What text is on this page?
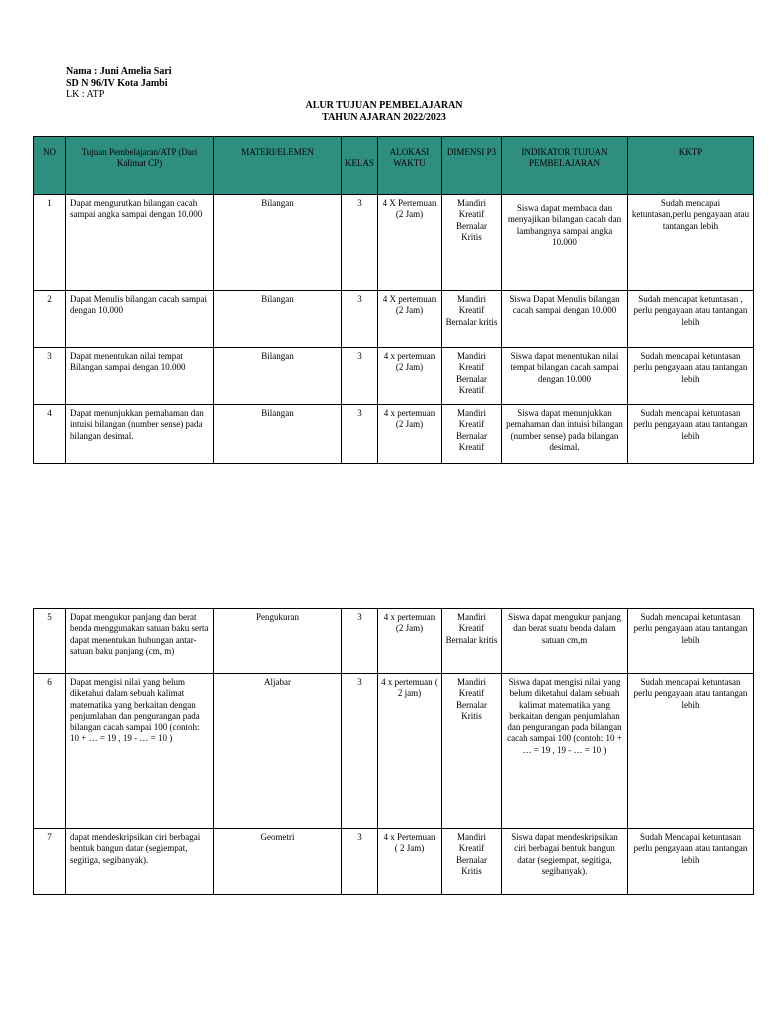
Nama : Juni Amelia Sari
SD N 96/IV Kota Jambi
LK : ATP
ALUR TUJUAN PEMBELAJARAN
TAHUN AJARAN 2022/2023
NO	Tujuan Pembelajaran/ATP (Dari Kalimat CP)	MATERI/ELEMEN	KELAS	ALOKASI WAKTU	DIMENSI P3	INDIKATOR TUJUAN PEMBELAJARAN	KKTP
1	Dapat mengurutkan bilangan cacah sampai angka sampai dengan 10.000	Bilangan	3	4 X Pertemuan (2 Jam)	Mandiri Kreatif Bernalar Kritis	Siswa dapat membaca dan menyajikan bilangan cacah dan lambangnya sampai angka 10.000	Sudah mencapai ketuntasan,perlu pengayaan atau tantangan lebih
2	Dapat Menulis bilangan cacah sampai dengan 10.000	Bilangan	3	4 X pertemuan (2 Jam)	Mandiri Kreatif Bernalar kritis	Siswa Dapat Menulis bilangan cacah sampai dengan 10.000	Sudah mencapat ketuntasan , perlu pengayaan atau tantangan lebih
3	Dapat menentukan nilai tempat Bilangan sampai dengan 10.000	Bilangan	3	4 x pertemuan (2 Jam)	Mandiri Kreatif Bernalar Kreatif	Siswa dapat menentukan nilai tempat bilangan cacah sampai dengan 10.000	Sudah mencapai ketuntasan perlu pengayaan atau tantangan lebih
4	Dapat menunjukkan pemahaman dan intuisi bilangan (number sense) pada bilangan desimal.	Bilangan	3	4 x pertemuan (2 Jam)	Mandiri Kreatif Bernalar Kreatif	Siswa dapat menunjukkan pemahaman dan intuisi bilangan (number sense) pada bilangan desimal.	Sudah mencapai ketuntasan perlu pengayaan atau tantangan lebih
5	Dapat mengukur panjang dan berat benda menggunakan satuan baku serta dapat menentukan hubungan antar-satuan baku panjang (cm, m)	Pengukuran	3	4 x pertemuan (2 Jam)	Mandiri Kreatif Bernalar kritis	Siswa dapat mengukur panjang dan berat suatu benda dalam satuan cm,m	Sudah mencapai ketuntasan perlu pengayaan atau tantangan lebih
6	Dapat mengisi nilai yang belum diketahui dalam sebuah kalimat matematika yang berkaitan dengan penjumlahan dan pengurangan pada bilangan cacah sampai 100 (contoh: 10 + … = 19 , 19 - … = 10 )	Aljabar	3	4 x pertemuan ( 2 jam)	Mandiri Kreatif Bernalar Kritis	Siswa dapat mengisi nilai yang belum diketahui dalam sebuah kalimat matematika yang berkaitan dengan penjumlahan dan pengurangan pada bilangan cacah sampai 100 (contoh: 10 + … = 19 , 19 - … = 10 )	Sudah mencapai ketuntasan perlu pengayaan atau tantangan lebih
7	dapat mendeskripsikan ciri berbagai bentuk bangun datar (segiempat, segitiga, segibanyak).	Geometri	3	4 x Pertemuan ( 2 Jam)	Mandiri Kreatif Bernalar Kritis	Siswa dapat mendeskripsikan ciri berbagai bentuk bangun datar (segiempat, segitiga, segibanyak).	Sudah Mencapai ketuntasan perlu pengayaan atau tantangan lebih
